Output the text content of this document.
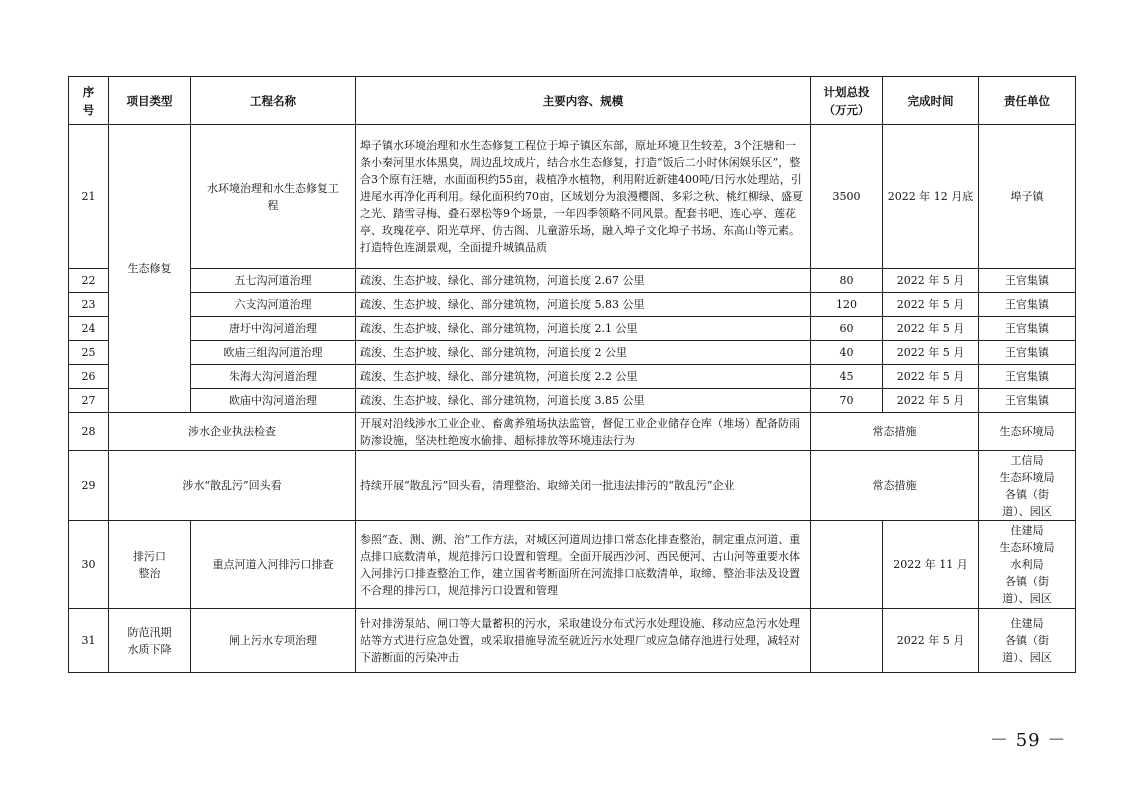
序
号	项目类型	工程名称	主要内容、规模	计划总投
（万元）	完成时间	责任单位
21	生态修复	水环境治理和水生态修复工
程	埠子镇水环境治理和水生态修复工程位于埠子镇区东部，原址环境卫生较差，3个汪塘和一条小秦河里水体黑臭，周边乱坟成片，结合水生态修复，打造“饭后二小时休闲娱乐区”，整合3个原有汪塘，水面面积约55亩，栽植净水植物，利用附近新建400吨/日污水处理站，引进尾水再净化再利用。绿化面积约70亩，区域划分为浪漫樱阁、多彩之秋、桃红柳绿、盛夏之光、踏雪寻梅、叠石翠松等9个场景，一年四季领略不同风景。配套书吧、连心亭、莲花亭、玫瑰花亭、阳光草坪、仿古阁、儿童游乐场，融入埠子文化埠子书场、东高山等元素。打造特色连湖景观，全面提升城镇品质	3500	2022 年 12 月底	埠子镇
22		五七沟河道治理	疏浚、生态护坡、绿化、部分建筑物，河道长度 2.67 公里	80	2022 年 5 月	王官集镇
23		六支沟河道治理	疏浚、生态护坡、绿化、部分建筑物，河道长度 5.83 公里	120	2022 年 5 月	王官集镇
24		唐圩中沟河道治理	疏浚、生态护坡、绿化、部分建筑物，河道长度 2.1 公里	60	2022 年 5 月	王官集镇
25		欧庙三组沟河道治理	疏浚、生态护坡、绿化、部分建筑物，河道长度 2 公里	40	2022 年 5 月	王官集镇
26		朱海大沟河道治理	疏浚、生态护坡、绿化、部分建筑物，河道长度 2.2 公里	45	2022 年 5 月	王官集镇
27		欧庙中沟河道治理	疏浚、生态护坡、绿化、部分建筑物，河道长度 3.85 公里	70	2022 年 5 月	王官集镇
28	涉水企业执法检查		开展对沿线涉水工业企业、畜禽养殖场执法监管，督促工业企业储存仓库（堆场）配备防雨防渗设施，坚决杜绝废水偷排、超标排放等环境违法行为	常态措施		生态环境局
29	涉水“散乱污”回头看		持续开展“散乱污”回头看，清理整治、取缔关闭一批违法排污的“散乱污”企业	常态措施		工信局
生态环境局
各镇（街
道）、园区
30	排污口
整治	重点河道入河排污口排查	参照“查、测、溯、治”工作方法，对城区河道周边排口常态化排查整治，制定重点河道、重点排口底数清单，规范排污口设置和管理。全面开展西沙河、西民便河、古山河等重要水体入河排污口排查整治工作，建立国省考断面所在河流排口底数清单，取缔、整治非法及设置不合理的排污口，规范排污口设置和管理		2022 年 11 月	住建局
生态环境局
水利局
各镇（街
道）、园区
31	防范汛期
水质下降	闸上污水专项治理	针对排涝泵站、闸口等大量蓄积的污水，采取建设分布式污水处理设施、移动应急污水处理站等方式进行应急处置，或采取措施导流至就近污水处理厂或应急储存池进行处理，减轻对下游断面的污染冲击		2022 年 5 月	住建局
各镇（街
道）、园区
－ 59 －
